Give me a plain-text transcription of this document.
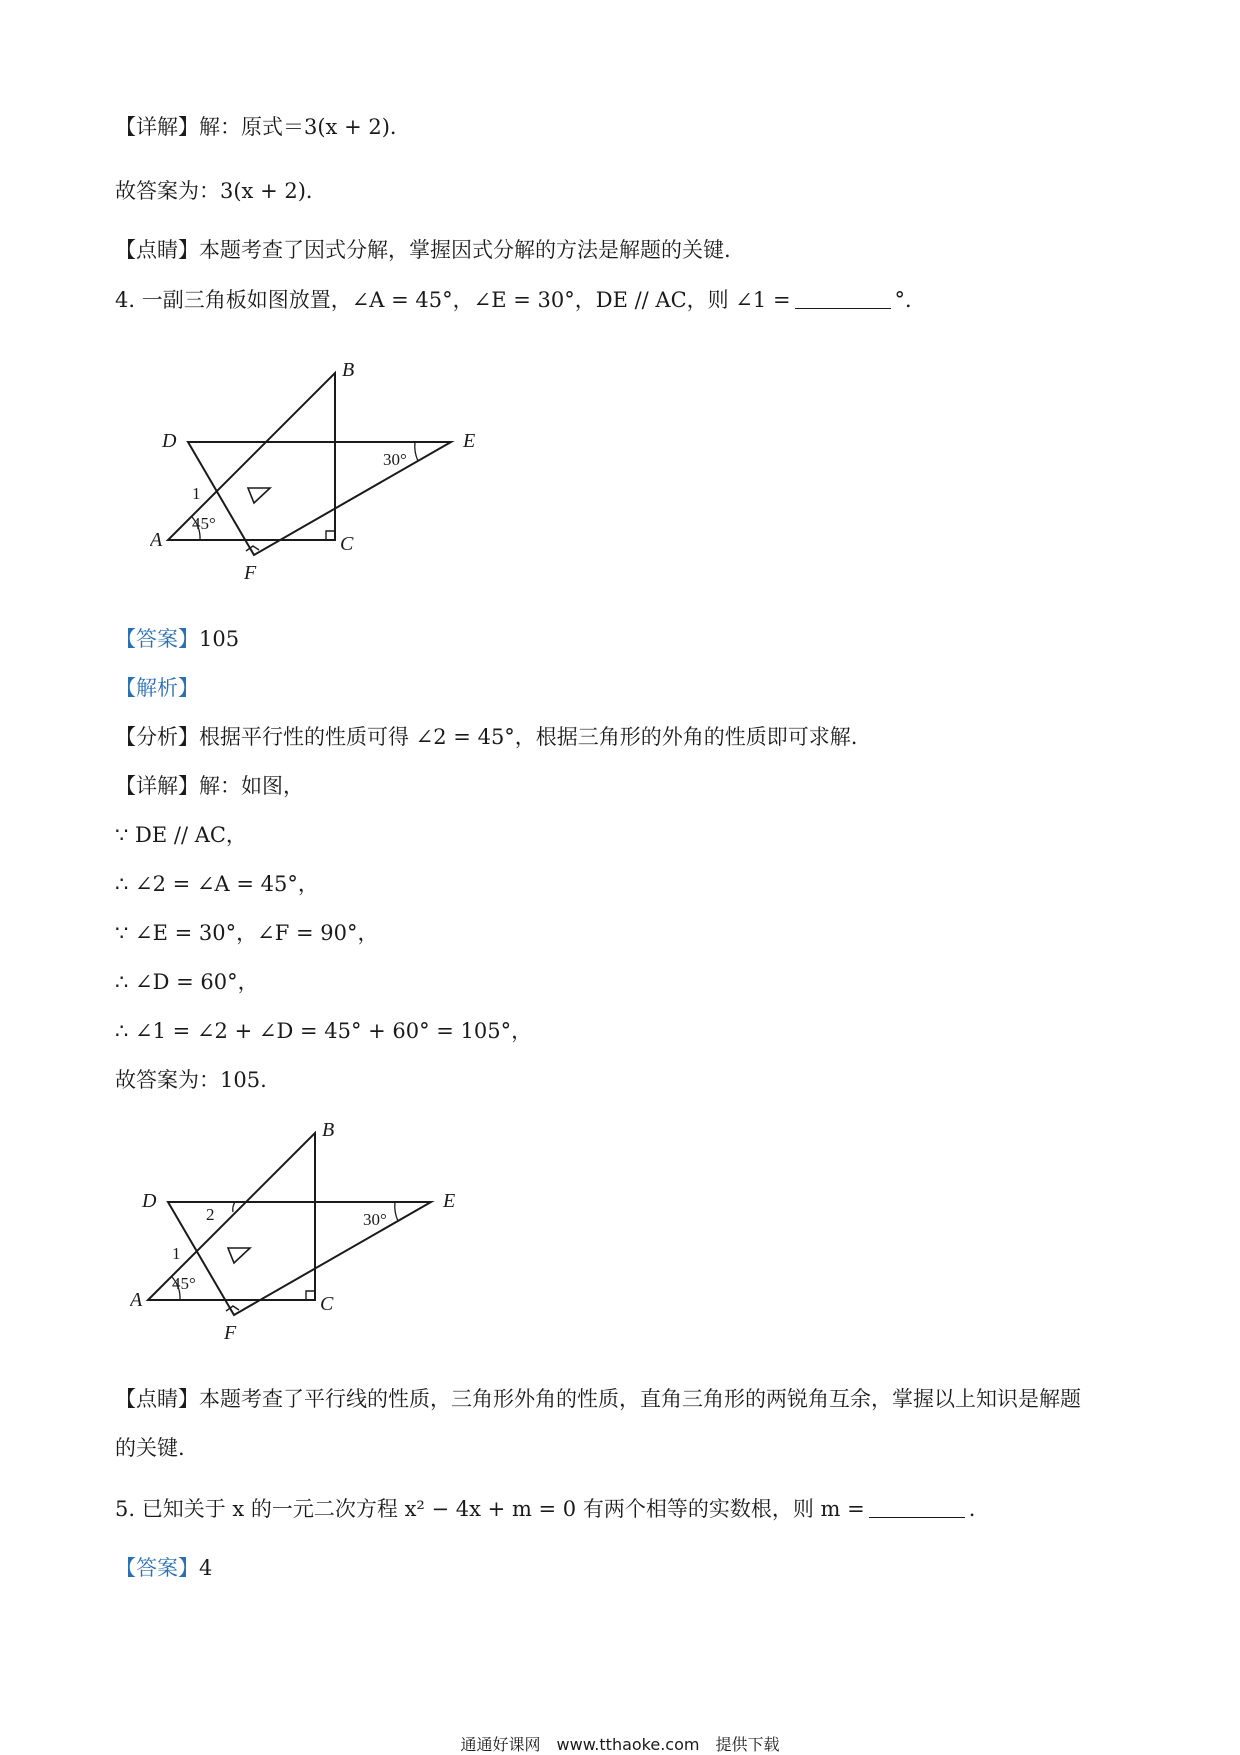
【详解】解：原式＝3(x + 2)．
故答案为：3(x + 2)．
【点睛】本题考查了因式分解，掌握因式分解的方法是解题的关键.
4. 一副三角板如图放置，∠A = 45°，∠E = 30°，DE // AC，则 ∠1 =	°．
B
D	E
A	C
F
1
30°
45°
【答案】105
【解析】
【分析】根据平行性的性质可得 ∠2 = 45°，根据三角形的外角的性质即可求解.
【详解】解：如图，
∵ DE // AC，
∴ ∠2 = ∠A = 45°，
∵ ∠E = 30°，∠F = 90°，
∴ ∠D = 60°，
∴ ∠1 = ∠2 + ∠D = 45° + 60° = 105°，
故答案为：105.
B
D	E
A	C
F
1
2	30°
45°
【点睛】本题考查了平行线的性质，三角形外角的性质，直角三角形的两锐角互余，掌握以上知识是解题
的关键.
5. 已知关于 x 的一元二次方程 x² − 4x + m = 0 有两个相等的实数根，则 m =	.
【答案】4
通通好课网　www.tthaoke.com　提供下载
